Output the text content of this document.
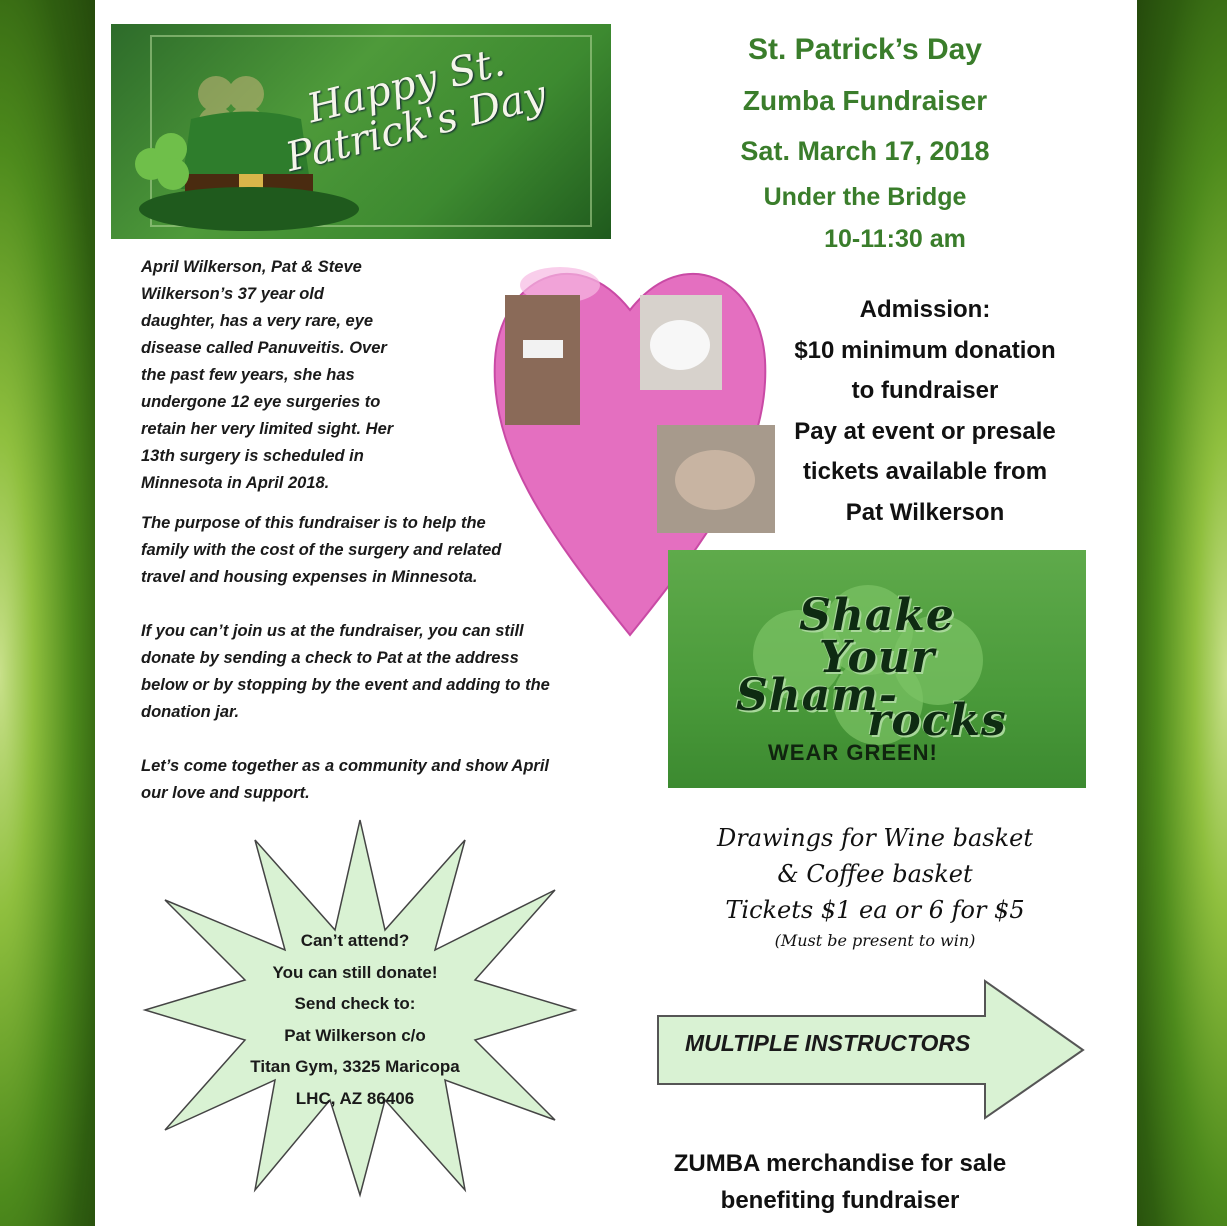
Happy St. Patrick's Day
St. Patrick’s Day
Zumba Fundraiser
Sat. March 17, 2018
Under the Bridge
10-11:30 am

April Wilkerson, Pat & Steve

Wilkerson’s 37 year old

daughter, has a very rare, eye

disease called Panuveitis. Over

the past few years, she has

undergone 12 eye surgeries to

retain her very limited sight. Her

13th surgery is scheduled in

Minnesota in April 2018.

The purpose of this fundraiser is to help the

family with the cost of the surgery and related

travel and housing expenses in Minnesota.

If you can’t join us at the fundraiser, you can still

donate by sending a check to Pat at the address

below or by stopping by the event and adding to the

donation jar.

Let’s come together as a community and show April

our love and support.

Admission:
$10 minimum donation
to fundraiser
Pay at event or presale
tickets available from
Pat Wilkerson
Shake
Your
Sham-
rocks
WEAR GREEN!
Drawings for Wine basket
& Coffee basket
Tickets $1 ea or 6 for $5
(Must be present to win)
Can’t attend?
You can still donate!
Send check to:
Pat Wilkerson c/o
Titan Gym, 3325 Maricopa
LHC, AZ 86406
MULTIPLE INSTRUCTORS
ZUMBA merchandise for sale
benefiting fundraiser
